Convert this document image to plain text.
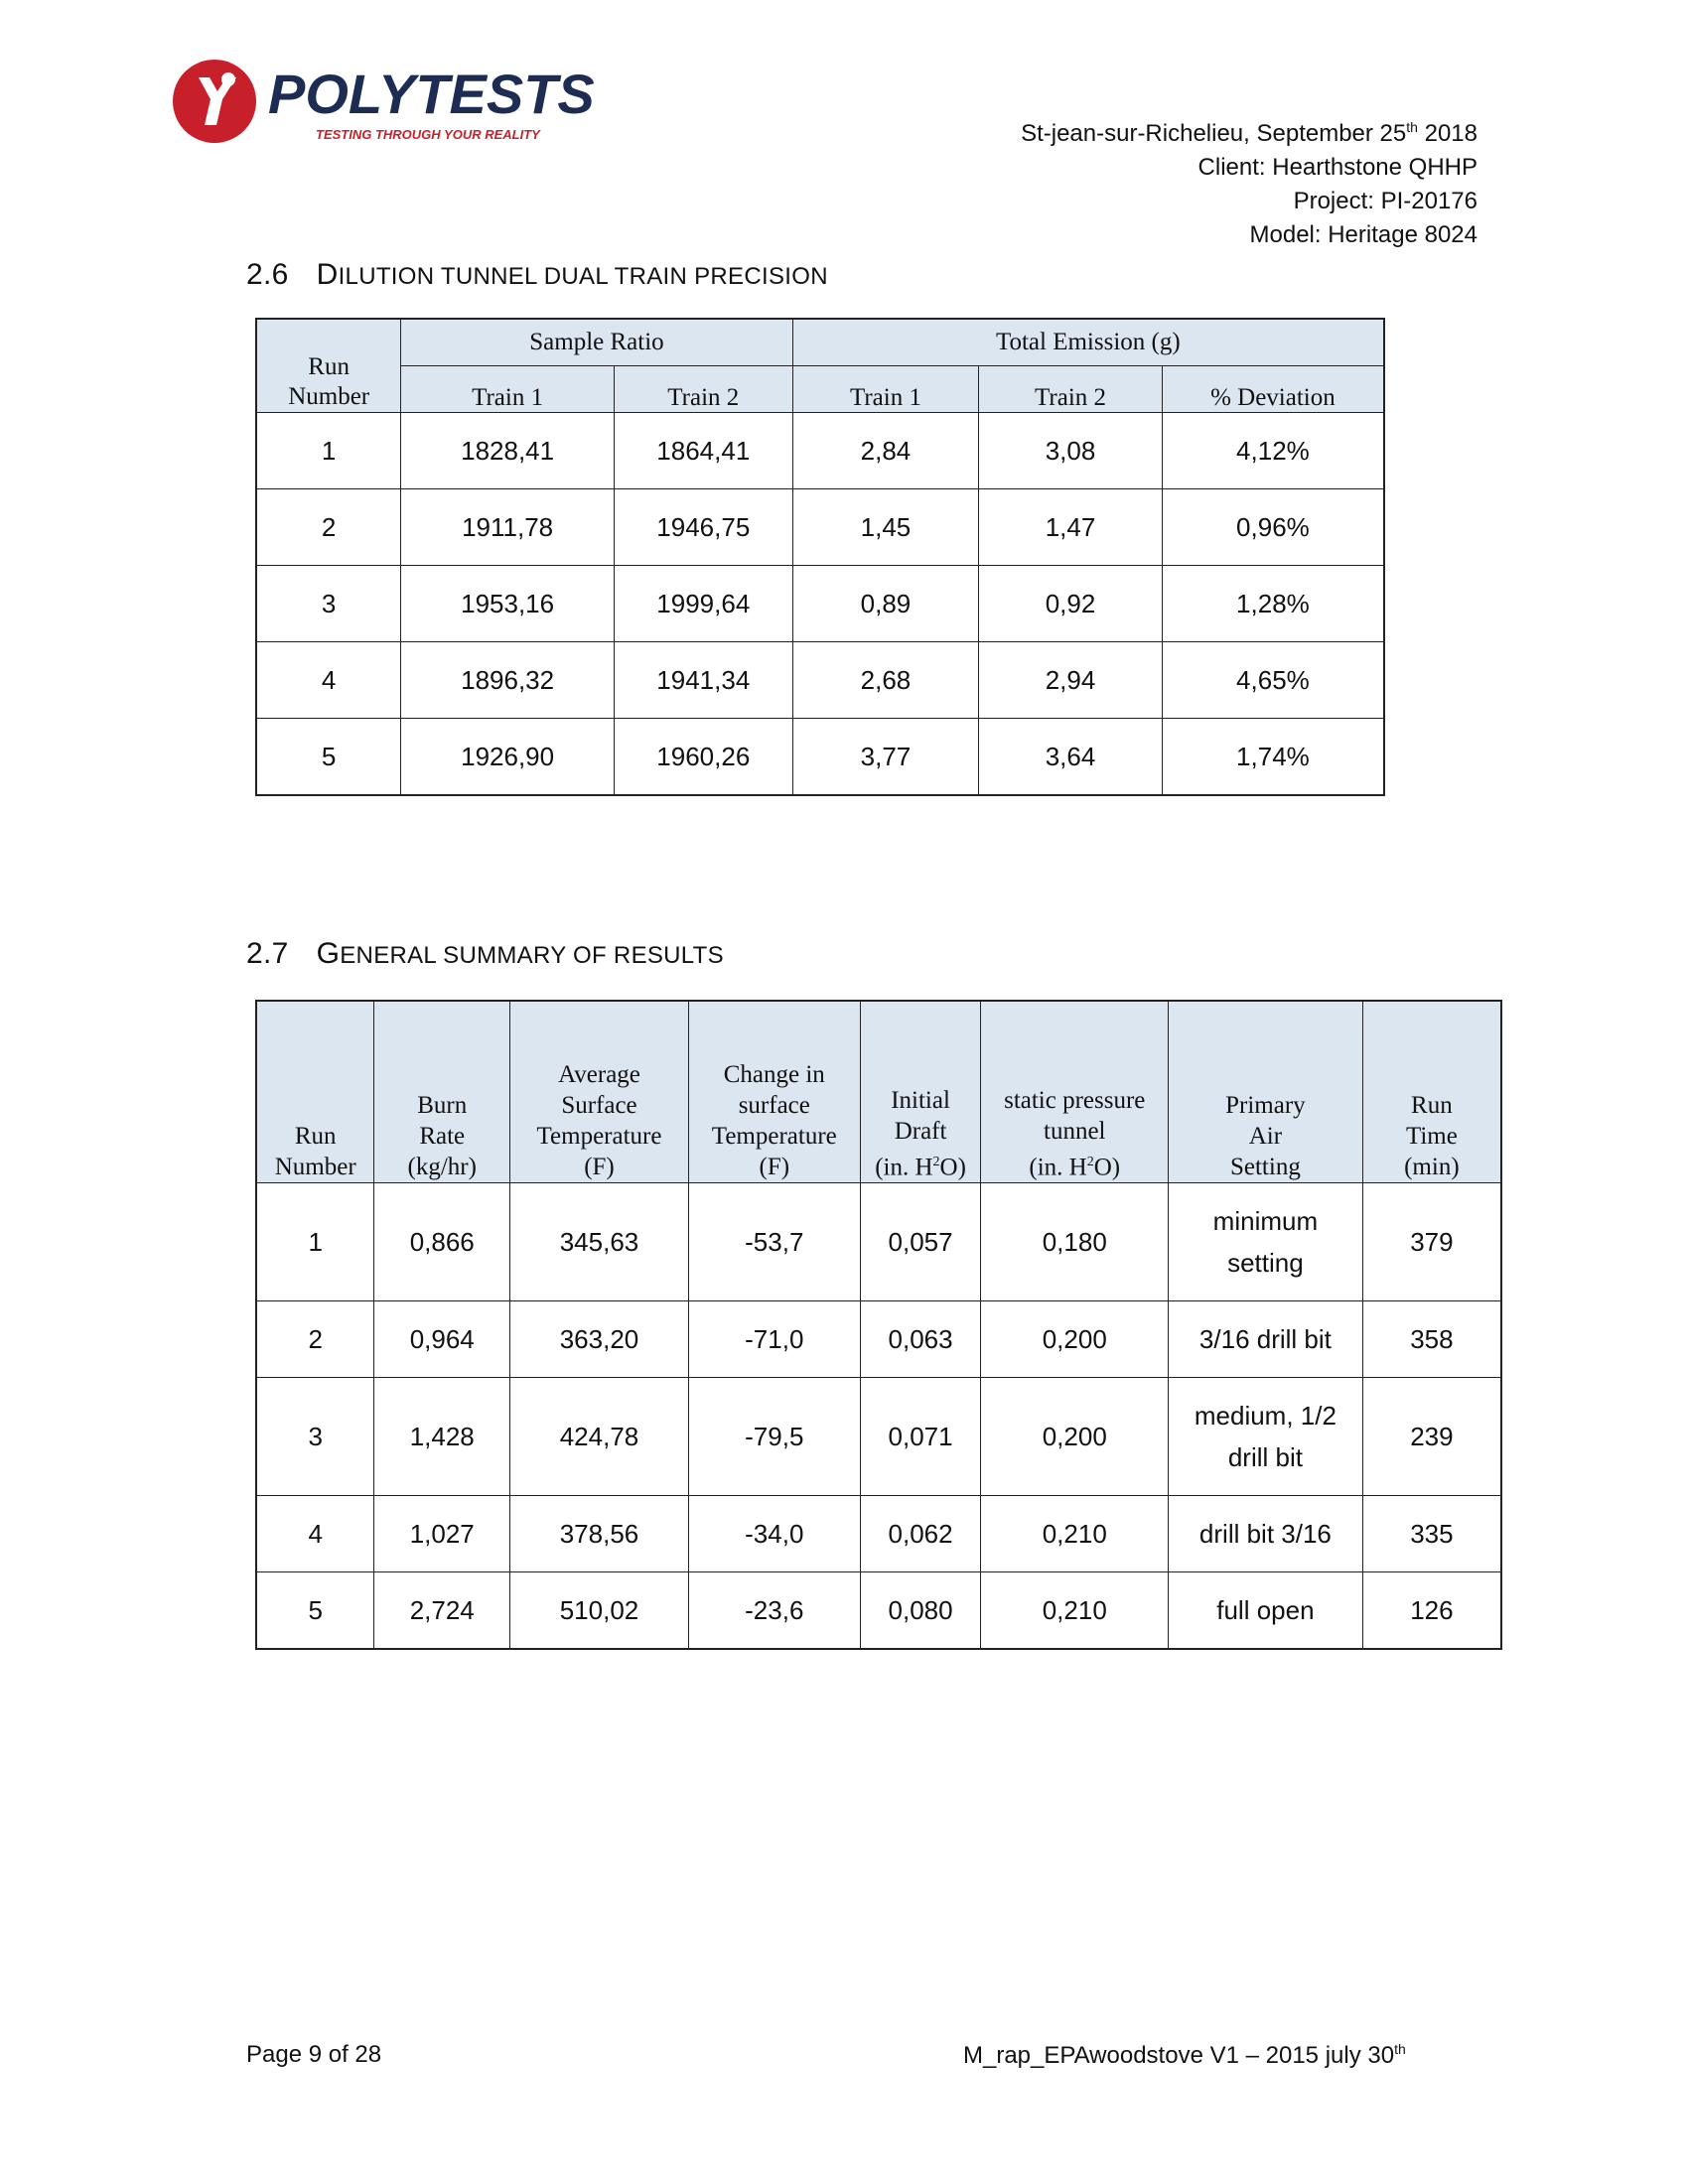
POLYTESTS
TESTING THROUGH YOUR REALITY	St-jean-sur-Richelieu, September 25th 2018
Client: Hearthstone QHHP
Project: PI-20176
Model: Heritage 8024
2.6 DILUTION TUNNEL DUAL TRAIN PRECISION
Run
Number	Sample Ratio		Total Emission (g)		
	Train 1	Train 2	Train 1	Train 2	% Deviation
1	1828,41	1864,41	2,84	3,08	4,12%
2	1911,78	1946,75	1,45	1,47	0,96%
3	1953,16	1999,64	0,89	0,92	1,28%
4	1896,32	1941,34	2,68	2,94	4,65%
5	1926,90	1960,26	3,77	3,64	1,74%
2.7 GENERAL SUMMARY OF RESULTS
Run
Number	Burn
Rate
(kg/hr)	Average
Surface
Temperature
(F)	Change in
surface
Temperature
(F)	Initial
Draft
(in. $H^2O$)	static pressure
tunnel
(in. $H^2O$)	Primary
Air
Setting	Run
Time
(min)
1	0,866	345,63	-53,7	0,057	0,180	minimum setting	379
2	0,964	363,20	-71,0	0,063	0,200	3/16 drill bit	358
3	1,428	424,78	-79,5	0,071	0,200	medium, 1/2 drill bit	239
4	1,027	378,56	-34,0	0,062	0,210	drill bit 3/16	335
5	2,724	510,02	-23,6	0,080	0,210	full open	126
Page 9 of 28	M_rap_EPAwoodstove V1 – 2015 july 30th
